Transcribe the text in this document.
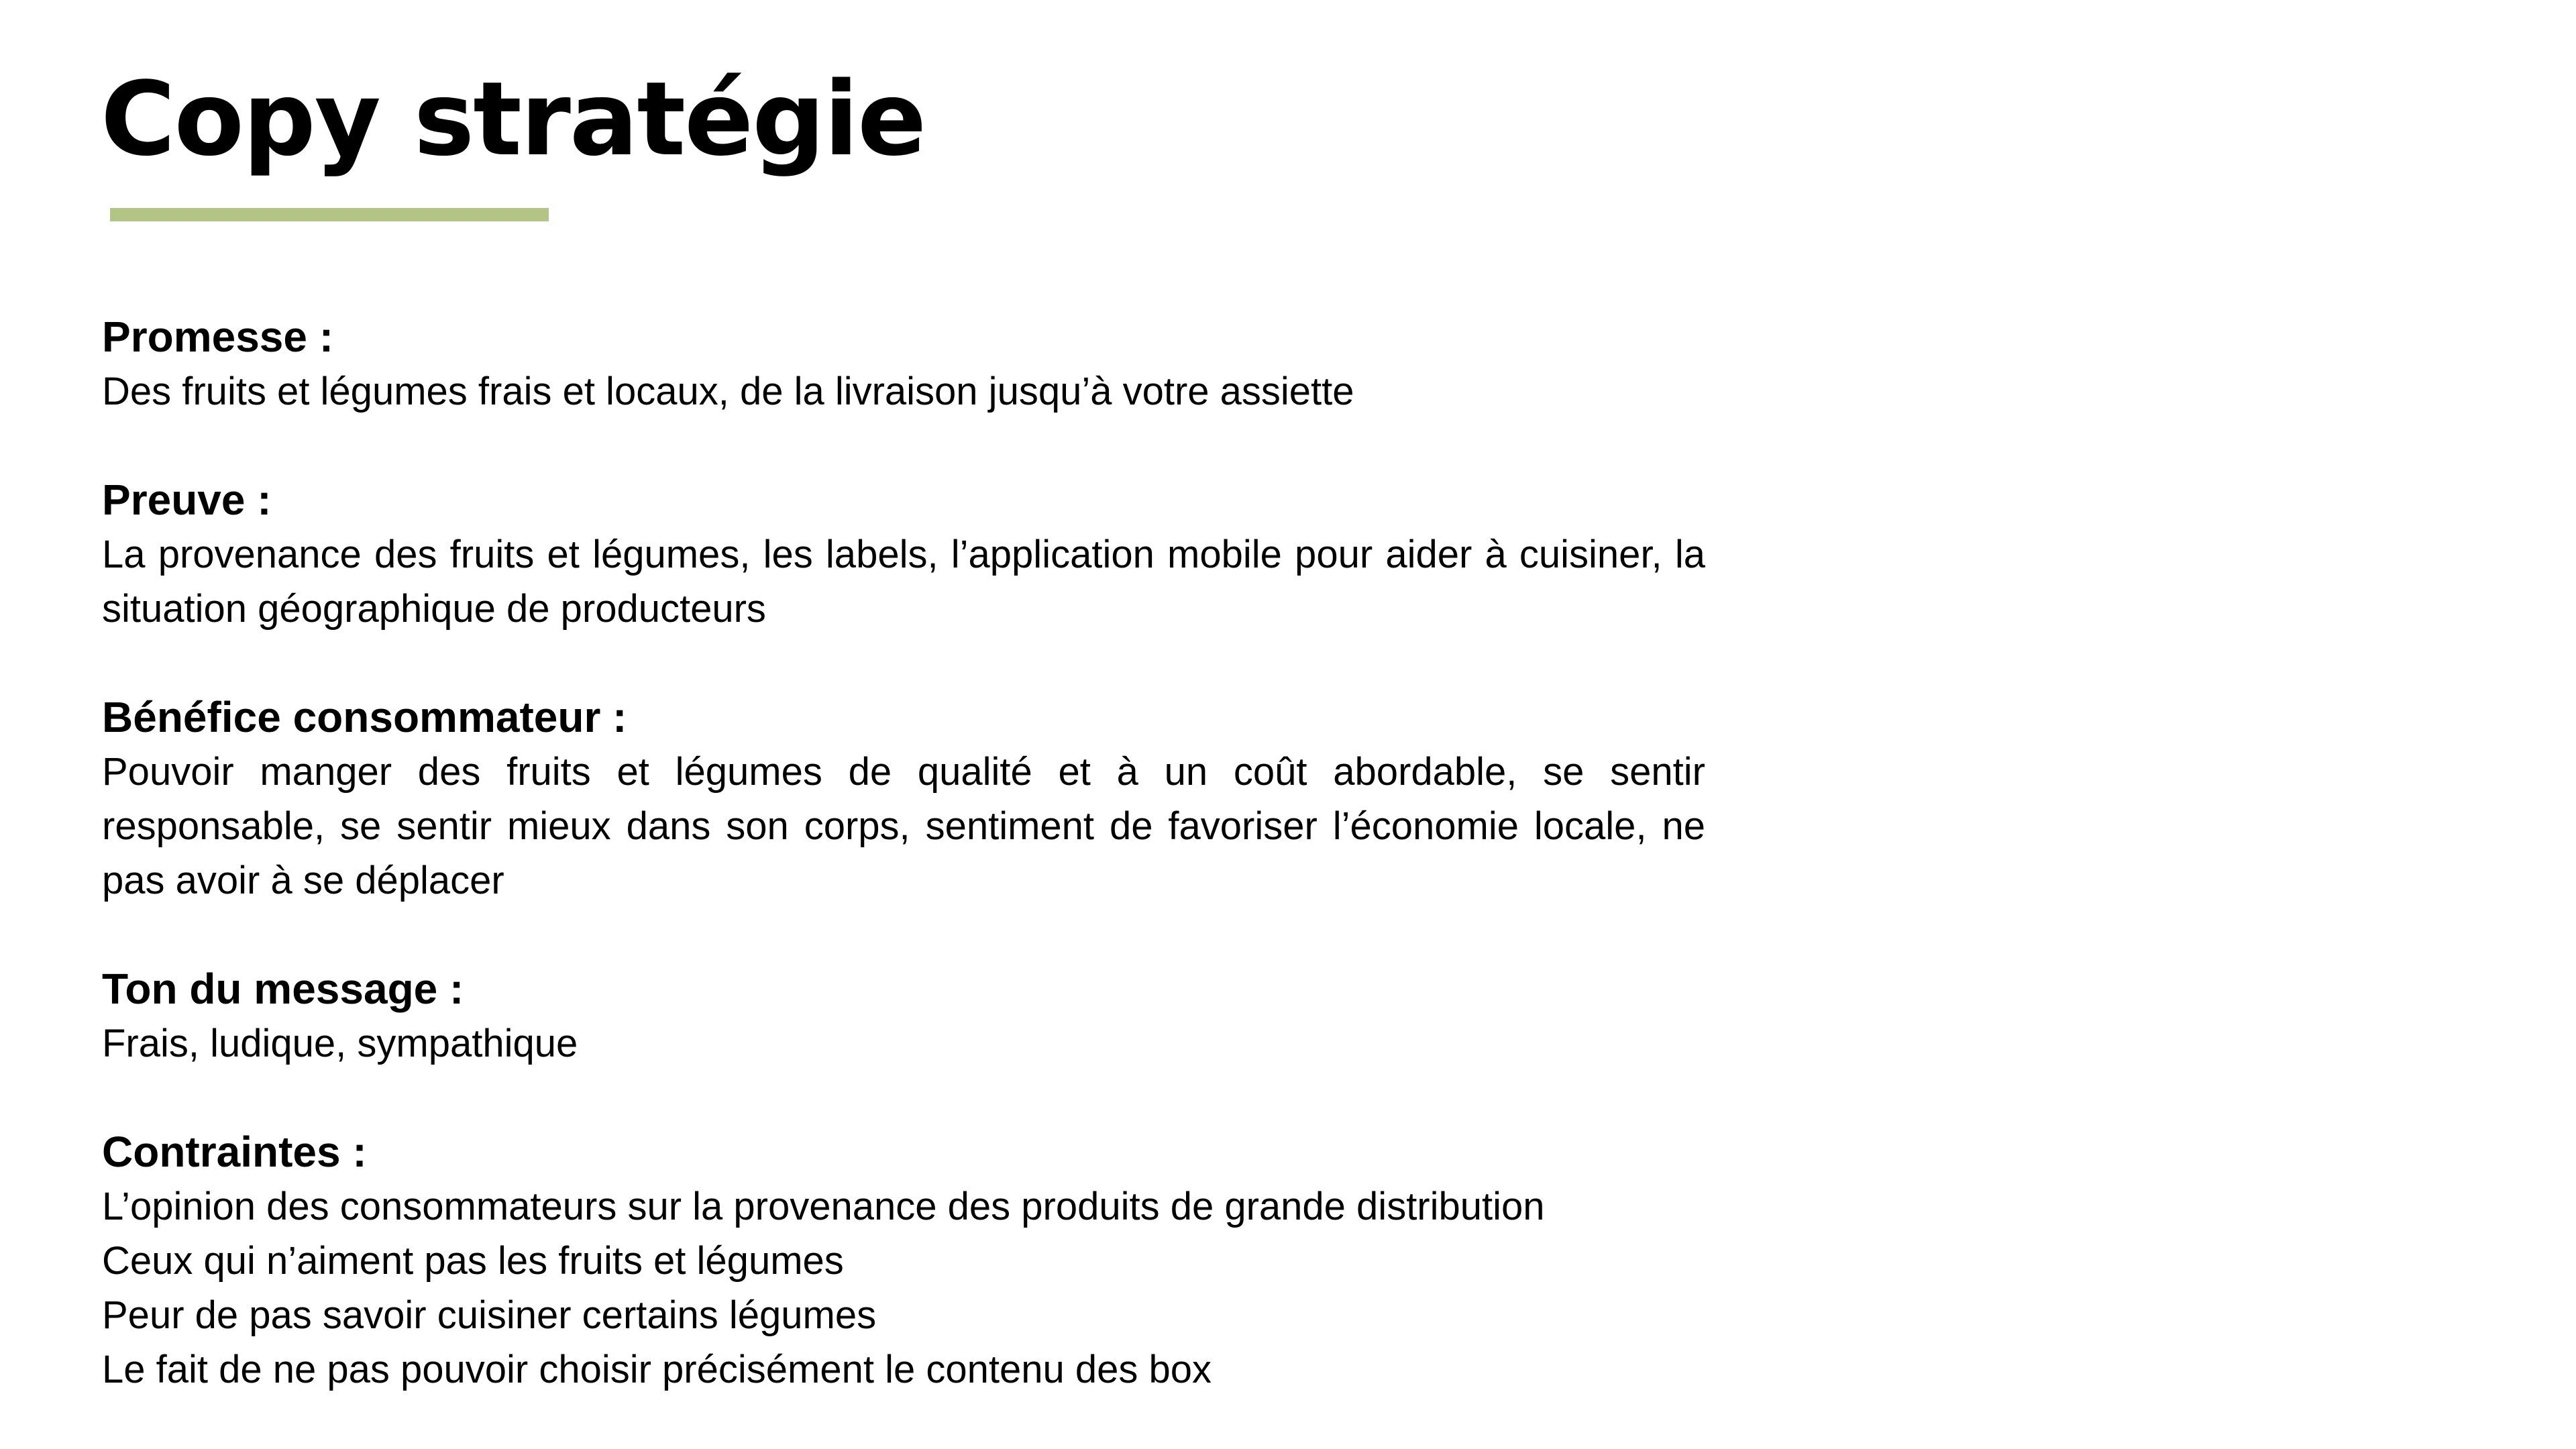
Copy stratégie
Promesse :

Des fruits et légumes frais et locaux, de la livraison jusqu’à votre assiette

Preuve :

La provenance des fruits et légumes, les labels, l’application mobile pour aider à cuisiner, la situation géographique de producteurs

Bénéfice consommateur :

Pouvoir manger des fruits et légumes de qualité et à un coût abordable, se sentir responsable, se sentir mieux dans son corps, sentiment de favoriser l’économie locale, ne pas avoir à se déplacer

Ton du message :

Frais, ludique, sympathique

Contraintes :
L’opinion des consommateurs sur la provenance des produits de grande distribution
Ceux qui n’aiment pas les fruits et légumes
Peur de pas savoir cuisiner certains légumes
Le fait de ne pas pouvoir choisir précisément le contenu des box
